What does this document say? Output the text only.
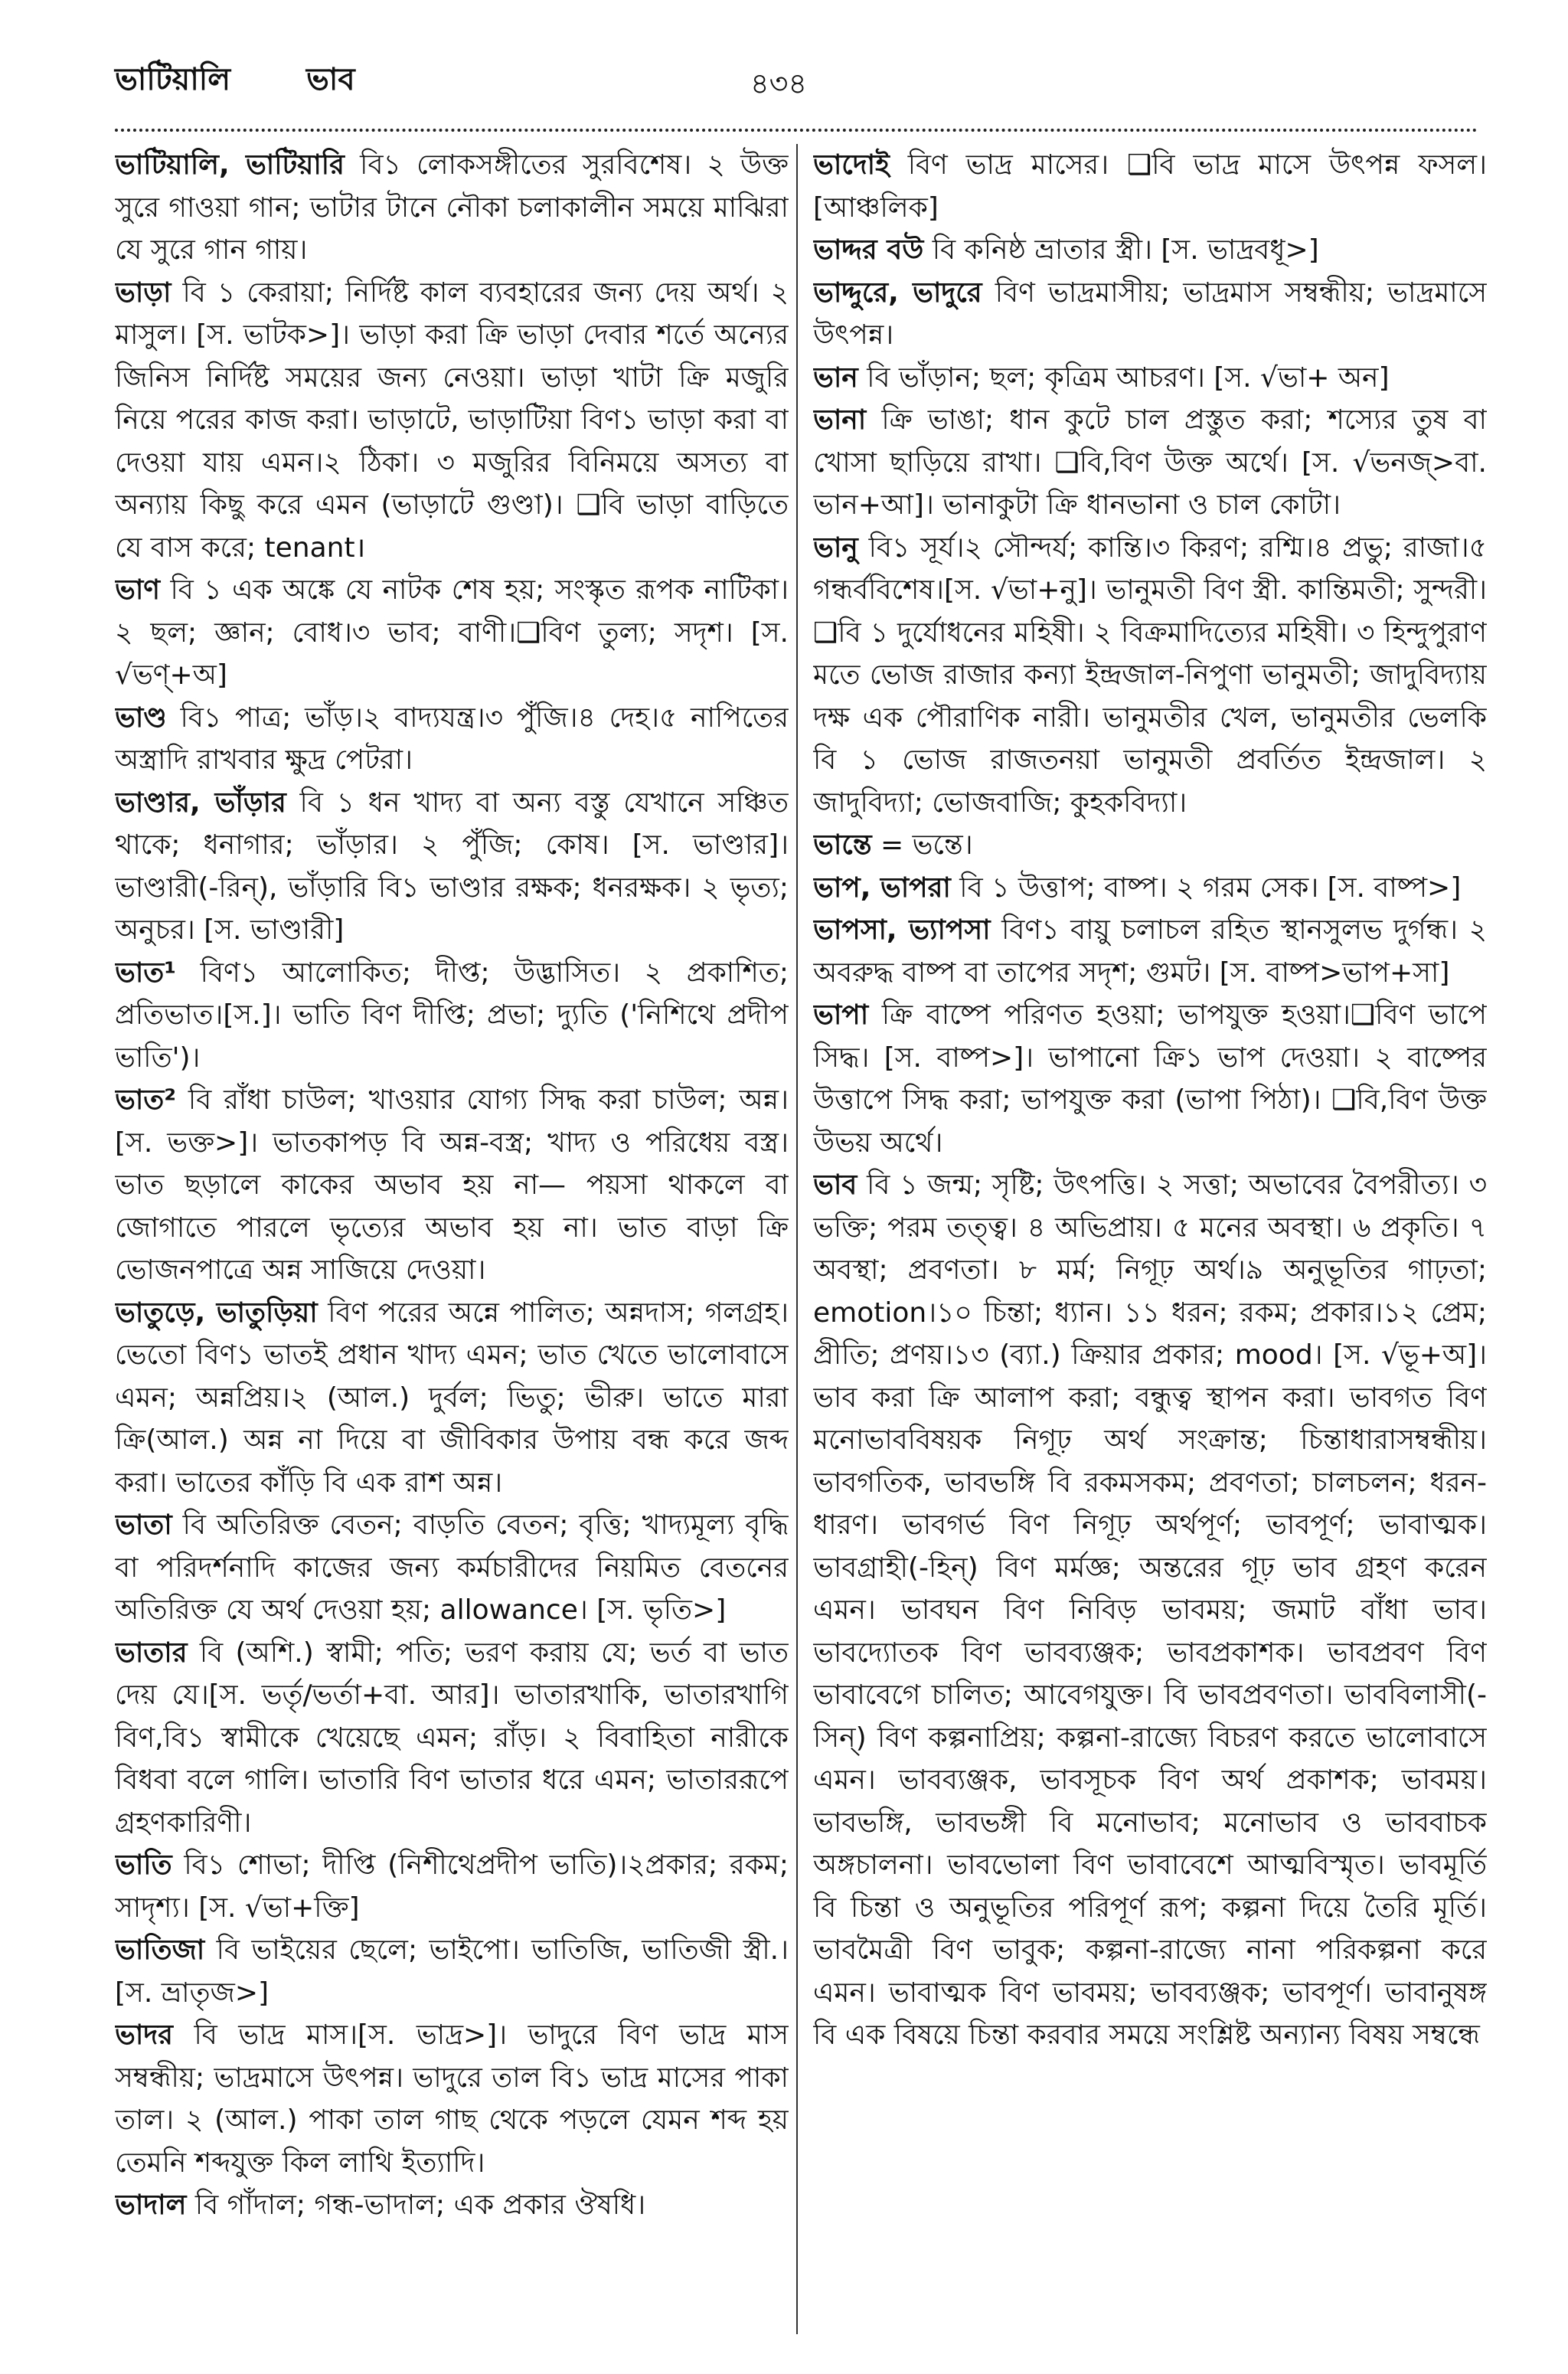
ভাটিয়ালি ভাব	৪৩৪

ভাটিয়ালি, ভাটিয়ারি বি১ লোকসঙ্গীতের সুরবিশেষ। ২ উক্ত সুরে গাওয়া গান; ভাটার টানে নৌকা চলাকালীন সময়ে মাঝিরা যে সুরে গান গায়।

ভাড়া বি ১ কেরায়া; নির্দিষ্ট কাল ব্যবহারের জন্য দেয় অর্থ। ২ মাসুল। [স. ভাটক>]। ভাড়া করা ক্রি ভাড়া দেবার শর্তে অন্যের জিনিস নির্দিষ্ট সময়ের জন্য নেওয়া। ভাড়া খাটা ক্রি মজুরি নিয়ে পরের কাজ করা। ভাড়াটে, ভাড়াটিয়া বিণ১ ভাড়া করা বা দেওয়া যায় এমন।২ ঠিকা। ৩ মজুরির বিনিময়ে অসত্য বা অন্যায় কিছু করে এমন (ভাড়াটে গুণ্ডা)। ❑বি ভাড়া বাড়িতে যে বাস করে; tenant।

ভাণ বি ১ এক অঙ্কে যে নাটক শেষ হয়; সংস্কৃত রূপক নাটিকা।২ ছল; জ্ঞান; বোধ।৩ ভাব; বাণী।❑বিণ তুল্য; সদৃশ। [স. √ভণ্+অ]

ভাণ্ড বি১ পাত্র; ভাঁড়।২ বাদ্যযন্ত্র।৩ পুঁজি।৪ দেহ।৫ নাপিতের অস্ত্রাদি রাখবার ক্ষুদ্র পেটরা।

ভাণ্ডার, ভাঁড়ার বি ১ ধন খাদ্য বা অন্য বস্তু যেখানে সঞ্চিত থাকে; ধনাগার; ভাঁড়ার। ২ পুঁজি; কোষ। [স. ভাণ্ডার]। ভাণ্ডারী(-রিন্), ভাঁড়ারি বি১ ভাণ্ডার রক্ষক; ধনরক্ষক। ২ ভৃত্য; অনুচর। [স. ভাণ্ডারী]

ভাত¹ বিণ১ আলোকিত; দীপ্ত; উদ্ভাসিত। ২ প্রকাশিত; প্রতিভাত।[স.]। ভাতি বিণ দীপ্তি; প্রভা; দ্যুতি ('নিশিথে প্রদীপ ভাতি')।

ভাত² বি রাঁধা চাউল; খাওয়ার যোগ্য সিদ্ধ করা চাউল; অন্ন। [স. ভক্ত>]। ভাতকাপড় বি অন্ন-বস্ত্র; খাদ্য ও পরিধেয় বস্ত্র। ভাত ছড়ালে কাকের অভাব হয় না— পয়সা থাকলে বা জোগাতে পারলে ভৃত্যের অভাব হয় না। ভাত বাড়া ক্রি ভোজনপাত্রে অন্ন সাজিয়ে দেওয়া।

ভাতুড়ে, ভাতুড়িয়া বিণ পরের অন্নে পালিত; অন্নদাস; গলগ্রহ। ভেতো বিণ১ ভাতই প্রধান খাদ্য এমন; ভাত খেতে ভালোবাসে এমন; অন্নপ্রিয়।২ (আল.) দুর্বল; ভিতু; ভীরু। ভাতে মারা ক্রি(আল.) অন্ন না দিয়ে বা জীবিকার উপায় বন্ধ করে জব্দ করা। ভাতের কাঁড়ি বি এক রাশ অন্ন।

ভাতা বি অতিরিক্ত বেতন; বাড়তি বেতন; বৃত্তি; খাদ্যমূল্য বৃদ্ধি বা পরিদর্শনাদি কাজের জন্য কর্মচারীদের নিয়মিত বেতনের অতিরিক্ত যে অর্থ দেওয়া হয়; allowance। [স. ভৃতি>]

ভাতার বি (অশি.) স্বামী; পতি; ভরণ করায় যে; ভর্ত বা ভাত দেয় যে।[স. ভর্তৃ/ভর্তা+বা. আর]। ভাতারখাকি, ভাতারখাগি বিণ,বি১ স্বামীকে খেয়েছে এমন; রাঁড়। ২ বিবাহিতা নারীকে বিধবা বলে গালি। ভাতারি বিণ ভাতার ধরে এমন; ভাতাররূপে গ্রহণকারিণী।

ভাতি বি১ শোভা; দীপ্তি (নিশীথেপ্রদীপ ভাতি)।২প্রকার; রকম; সাদৃশ্য। [স. √ভা+ক্তি]

ভাতিজা বি ভাইয়ের ছেলে; ভাইপো। ভাতিজি, ভাতিজী স্ত্রী.। [স. ভ্রাতৃজ>]

ভাদর বি ভাদ্র মাস।[স. ভাদ্র>]। ভাদুরে বিণ ভাদ্র মাস সম্বন্ধীয়; ভাদ্রমাসে উৎপন্ন। ভাদুরে তাল বি১ ভাদ্র মাসের পাকা তাল। ২ (আল.) পাকা তাল গাছ থেকে পড়লে যেমন শব্দ হয় তেমনি শব্দযুক্ত কিল লাথি ইত্যাদি।

ভাদাল বি গাঁদাল; গন্ধ-ভাদাল; এক প্রকার ঔষধি।

ভাদোই বিণ ভাদ্র মাসের। ❑বি ভাদ্র মাসে উৎপন্ন ফসল। [আঞ্চলিক]

ভাদ্দর বউ বি কনিষ্ঠ ভ্রাতার স্ত্রী। [স. ভাদ্রবধূ>]

ভাদ্দুরে, ভাদুরে বিণ ভাদ্রমাসীয়; ভাদ্রমাস সম্বন্ধীয়; ভাদ্রমাসে উৎপন্ন।

ভান বি ভাঁড়ান; ছল; কৃত্রিম আচরণ। [স. √ভা+ অন]

ভানা ক্রি ভাঙা; ধান কুটে চাল প্রস্তুত করা; শস্যের তুষ বা খোসা ছাড়িয়ে রাখা। ❑বি,বিণ উক্ত অর্থে। [স. √ভনজ্>বা. ভান+আ]। ভানাকুটা ক্রি ধানভানা ও চাল কোটা।

ভানু বি১ সূর্য।২ সৌন্দর্য; কান্তি।৩ কিরণ; রশ্মি।৪ প্রভু; রাজা।৫ গন্ধর্ববিশেষ।[স. √ভা+নু]। ভানুমতী বিণ স্ত্রী. কান্তিমতী; সুন্দরী। ❑বি ১ দুর্যোধনের মহিষী। ২ বিক্রমাদিত্যের মহিষী। ৩ হিন্দুপুরাণ মতে ভোজ রাজার কন্যা ইন্দ্রজাল-নিপুণা ভানুমতী; জাদুবিদ্যায় দক্ষ এক পৌরাণিক নারী। ভানুমতীর খেল, ভানুমতীর ভেলকি বি ১ ভোজ রাজতনয়া ভানুমতী প্রবর্তিত ইন্দ্রজাল। ২ জাদুবিদ্যা; ভোজবাজি; কুহকবিদ্যা।

ভান্তে = ভন্তে।

ভাপ, ভাপরা বি ১ উত্তাপ; বাষ্প। ২ গরম সেক। [স. বাষ্প>]

ভাপসা, ভ্যাপসা বিণ১ বায়ু চলাচল রহিত স্থানসুলভ দুর্গন্ধ। ২ অবরুদ্ধ বাষ্প বা তাপের সদৃশ; গুমট। [স. বাষ্প>ভাপ+সা]

ভাপা ক্রি বাষ্পে পরিণত হওয়া; ভাপযুক্ত হওয়া।❑বিণ ভাপে সিদ্ধ। [স. বাষ্প>]। ভাপানো ক্রি১ ভাপ দেওয়া। ২ বাষ্পের উত্তাপে সিদ্ধ করা; ভাপযুক্ত করা (ভাপা পিঠা)। ❑বি,বিণ উক্ত উভয় অর্থে।

ভাব বি ১ জন্ম; সৃষ্টি; উৎপত্তি। ২ সত্তা; অভাবের বৈপরীত্য। ৩ ভক্তি; পরম তত্ত্ব। ৪ অভিপ্রায়। ৫ মনের অবস্থা। ৬ প্রকৃতি। ৭ অবস্থা; প্রবণতা। ৮ মর্ম; নিগূঢ় অর্থ।৯ অনুভূতির গাঢ়তা; emotion।১০ চিন্তা; ধ্যান। ১১ ধরন; রকম; প্রকার।১২ প্রেম; প্রীতি; প্রণয়।১৩ (ব্যা.) ক্রিয়ার প্রকার; mood। [স. √ভূ+অ]। ভাব করা ক্রি আলাপ করা; বন্ধুত্ব স্থাপন করা। ভাবগত বিণ মনোভাববিষয়ক নিগূঢ় অর্থ সংক্রান্ত; চিন্তাধারাসম্বন্ধীয়। ভাবগতিক, ভাবভঙ্গি বি রকমসকম; প্রবণতা; চালচলন; ধরন-ধারণ। ভাবগর্ভ বিণ নিগূঢ় অর্থপূর্ণ; ভাবপূর্ণ; ভাবাত্মক। ভাবগ্রাহী(-হিন্) বিণ মর্মজ্ঞ; অন্তরের গূঢ় ভাব গ্রহণ করেন এমন। ভাবঘন বিণ নিবিড় ভাবময়; জমাট বাঁধা ভাব। ভাবদ্যোতক বিণ ভাবব্যঞ্জক; ভাবপ্রকাশক। ভাবপ্রবণ বিণ ভাবাবেগে চালিত; আবেগযুক্ত। বি ভাবপ্রবণতা। ভাববিলাসী(-সিন্) বিণ কল্পনাপ্রিয়; কল্পনা-রাজ্যে বিচরণ করতে ভালোবাসে এমন। ভাবব্যঞ্জক, ভাবসূচক বিণ অর্থ প্রকাশক; ভাবময়। ভাবভঙ্গি, ভাবভঙ্গী বি মনোভাব; মনোভাব ও ভাববাচক অঙ্গচালনা। ভাবভোলা বিণ ভাবাবেশে আত্মবিস্মৃত। ভাবমূর্তি বি চিন্তা ও অনুভূতির পরিপূর্ণ রূপ; কল্পনা দিয়ে তৈরি মূর্তি। ভাবমৈত্রী বিণ ভাবুক; কল্পনা-রাজ্যে নানা পরিকল্পনা করে এমন। ভাবাত্মক বিণ ভাবময়; ভাবব্যঞ্জক; ভাবপূর্ণ। ভাবানুষঙ্গ বি এক বিষয়ে চিন্তা করবার সময়ে সংশ্লিষ্ট অন্যান্য বিষয় সম্বন্ধে
